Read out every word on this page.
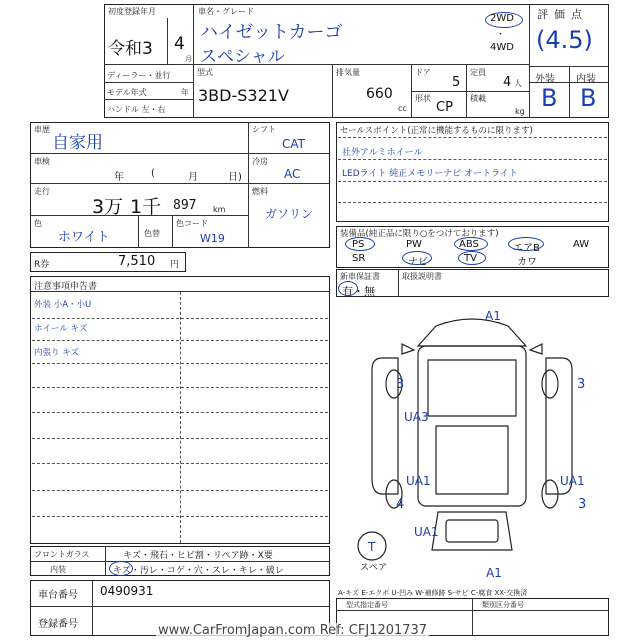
初度登録年月
令和3 4
月
車名・グレード
ハイゼットカーゴ
スペシャル
2WD
・
4WD
評価点
(4.5)
ディーラー・並行
モデル年式	年
ハンドル 左・右
型式
3BD-S321V
排気量
660
cc
ドア
5
形状
CP
定員
4 人
積載
kg
外装 内装
B B
車歴
自家用
車検
年	(	月	日)
走行
3万 1千 897 km
色
ホワイト	色替
色コード
W19
シフト
CAT
冷房
AC
燃料
ガソリン
R券	7,510 円
セールスポイント(正常に機能するものに限ります)
社外アルミホイール
LEDライト 純正メモリーナビ オートライト
装備品(純正品に限り○をつけております)
PS	PW	ABS	エアB	AW
SR	ナビ	TV	カワ
新車保証書
有・無
取扱説明書
注意事項申告書
外装 小A・小U
ホイール キズ
内張り キズ
フロントガラス	キズ・飛石・ヒビ割・リペア跡・X要
内装	キズ・汚レ・コゲ・穴・スレ・キレ・破レ
車台番号 0490931
登録番号
A1
3	3
UA3
UA1	UA1
4	3
UA1
T
スペア	A1
A-キズ E-エクボ U-凹み W-補修跡 S-サビ C-腐食 XX-交換済
型式指定番号	類別区分番号
www.CarFromJapan.com Ref: CFJ1201737
